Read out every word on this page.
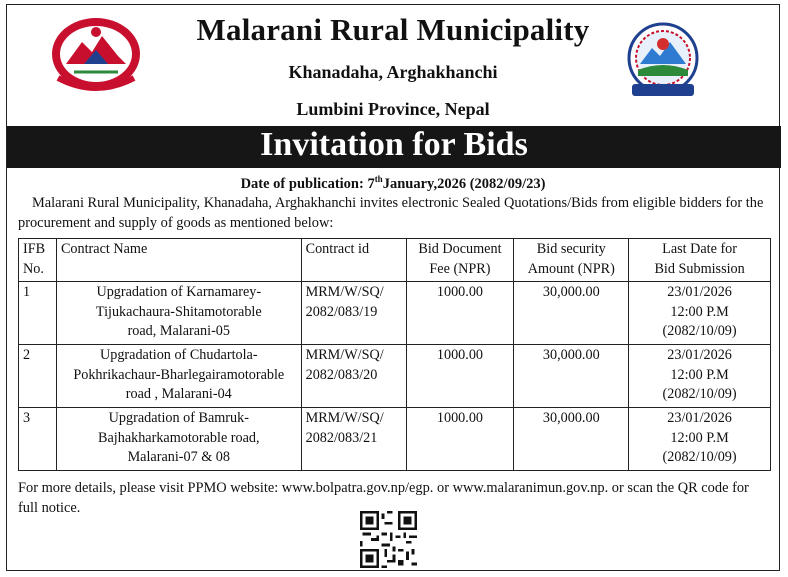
Malarani Rural Municipality
Khanadaha, Arghakhanchi
Lumbini Province, Nepal
Invitation for Bids
Date of publication: 7thJanuary,2026 (2082/09/23)
Malarani Rural Municipality, Khanadaha, Arghakhanchi invites electronic Sealed Quotations/Bids from eligible bidders for the procurement and supply of goods as mentioned below:
IFB
No.	Contract Name	Contract id	Bid Document
Fee (NPR)	Bid security
Amount (NPR)	Last Date for
Bid Submission
1	Upgradation of Karnamarey-
Tijukachaura-Shitamotorable
road, Malarani-05	MRM/W/SQ/
2082/083/19	1000.00	30,000.00	23/01/2026
12:00 P.M
(2082/10/09)
2	Upgradation of Chudartola-
Pokhrikachaur-Bharlegairamotorable
road , Malarani-04	MRM/W/SQ/
2082/083/20	1000.00	30,000.00	23/01/2026
12:00 P.M
(2082/10/09)
3	Upgradation of Bamruk-
Bajhakharkamotorable road,
Malarani-07 & 08	MRM/W/SQ/
2082/083/21	1000.00	30,000.00	23/01/2026
12:00 P.M
(2082/10/09)
For more details, please visit PPMO website: www.bolpatra.gov.np/egp. or www.malaranimun.gov.np. or scan the QR code for full notice.
